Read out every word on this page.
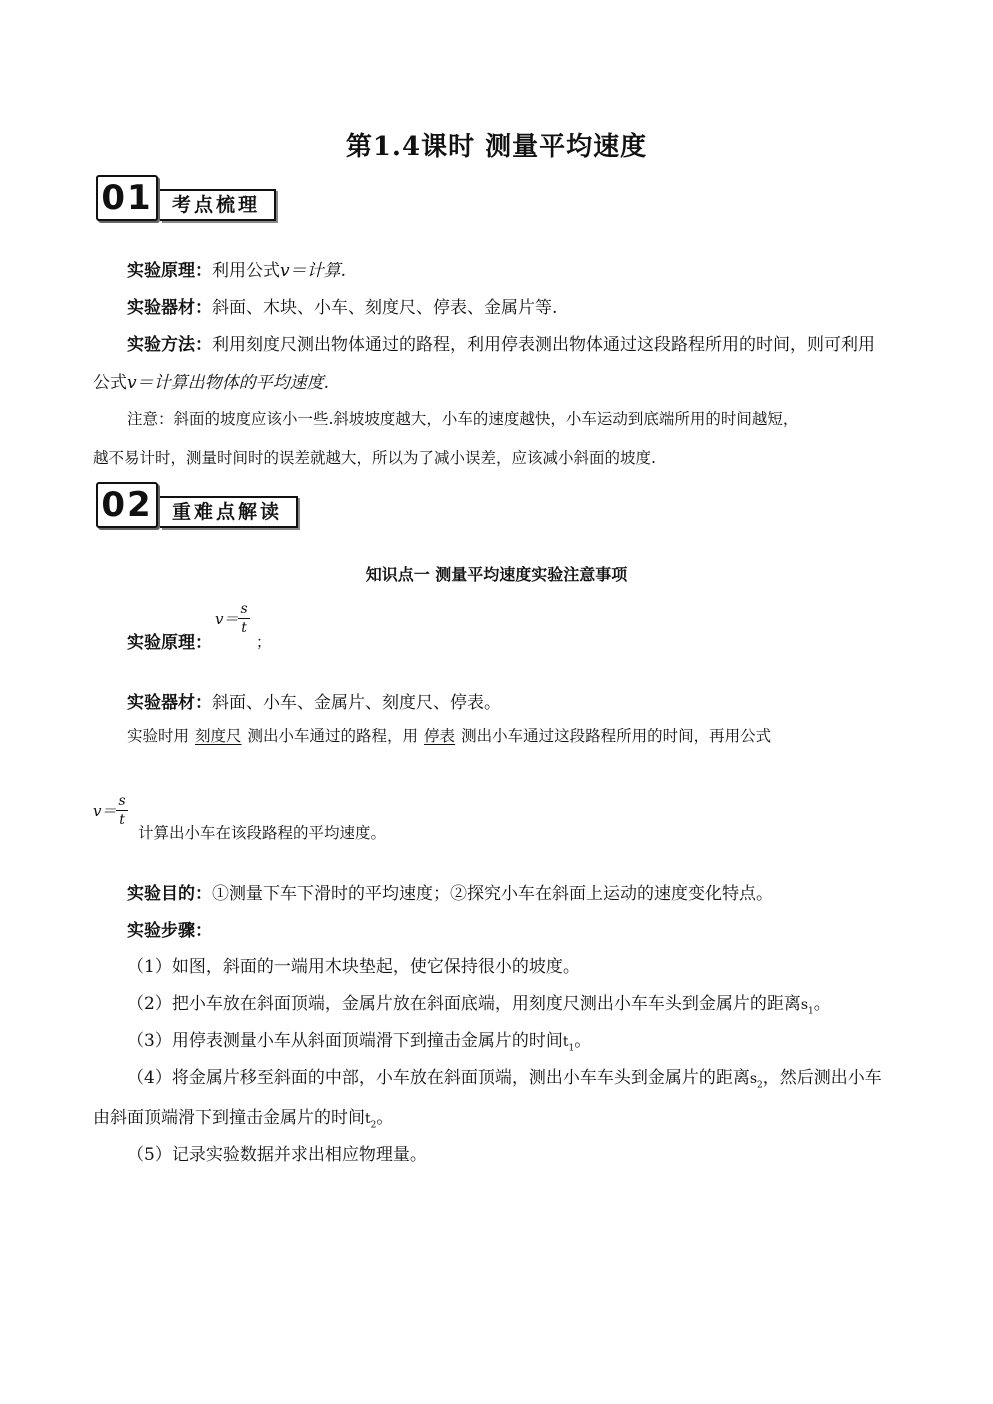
第1.4课时 测量平均速度
01	考点梳理
实验原理：利用公式v＝计算.
实验器材：斜面、木块、小车、刻度尺、停表、金属片等.
实验方法：利用刻度尺测出物体通过的路程，利用停表测出物体通过这段路程所用的时间，则可利用
公式v＝计算出物体的平均速度.
注意：斜面的坡度应该小一些.斜坡坡度越大，小车的速度越快，小车运动到底端所用的时间越短，
越不易计时，测量时间时的误差就越大，所以为了减小误差，应该减小斜面的坡度.
02	重难点解读
知识点一 测量平均速度实验注意事项
实验原理：
$v= \frac{s}{t}$
；
实验器材：斜面、小车、金属片、刻度尺、停表。
实验时用 刻度尺 测出小车通过的路程，用 停表 测出小车通过这段路程所用的时间，再用公式
$v= \frac{s}{t}$
计算出小车在该段路程的平均速度。
实验目的：①测量下车下滑时的平均速度；②探究小车在斜面上运动的速度变化特点。
实验步骤：
（1）如图，斜面的一端用木块垫起，使它保持很小的坡度。
（2）把小车放在斜面顶端，金属片放在斜面底端，用刻度尺测出小车车头到金属片的距离$s_1$。
（3）用停表测量小车从斜面顶端滑下到撞击金属片的时间$t_1$。
（4）将金属片移至斜面的中部，小车放在斜面顶端，测出小车车头到金属片的距离$s_2$，然后测出小车
由斜面顶端滑下到撞击金属片的时间$t_2$。
（5）记录实验数据并求出相应物理量。
